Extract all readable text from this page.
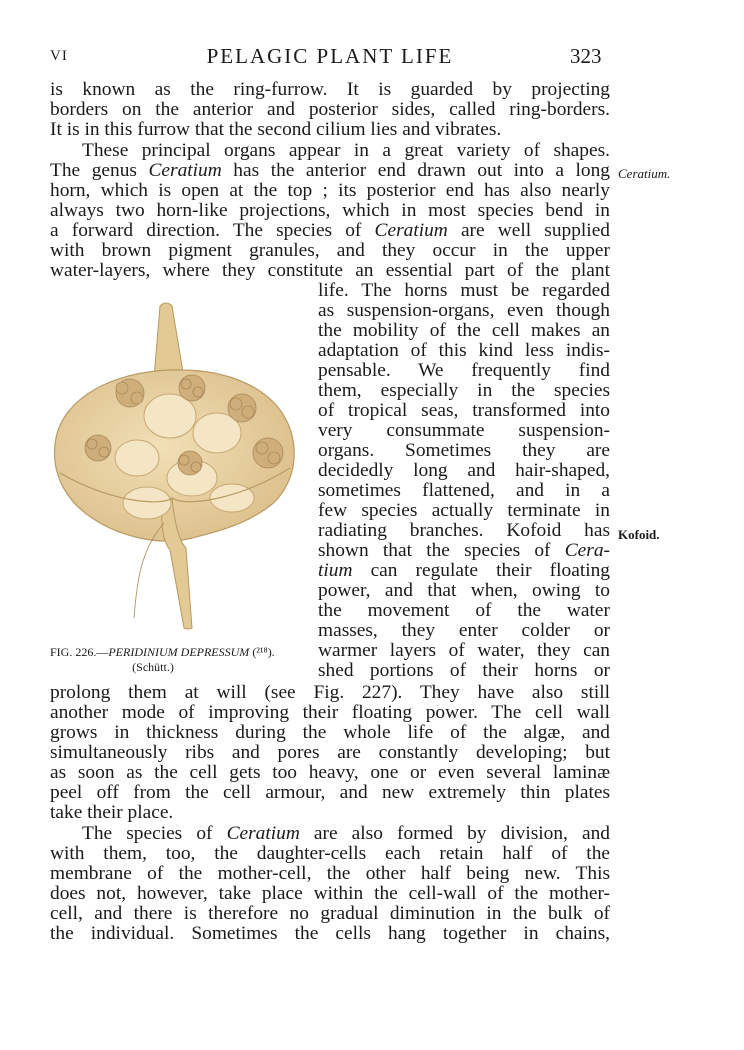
VI	PELAGIC PLANT LIFE	323
is known as the ring-furrow. It is guarded by projecting
borders on the anterior and posterior sides, called ring-borders.
It is in this furrow that the second cilium lies and vibrates.
These principal organs appear in a great variety of shapes.
The genus Ceratium has the anterior end drawn out into a long
horn, which is open at the top ; its posterior end has also nearly
always two horn-like projections, which in most species bend in
a forward direction. The species of Ceratium are well supplied
with brown pigment granules, and they occur in the upper
water-layers, where they constitute an essential part of the plant
life. The horns must be regarded
as suspension-organs, even though
the mobility of the cell makes an
adaptation of this kind less indis-
pensable. We frequently find
them, especially in the species
of tropical seas, transformed into
very consummate suspension-
organs. Sometimes they are
decidedly long and hair-shaped,
sometimes flattened, and in a
few species actually terminate in
radiating branches. Kofoid has
shown that the species of Cera-
tium can regulate their floating
power, and that when, owing to
the movement of the water
masses, they enter colder or
warmer layers of water, they can
shed portions of their horns or
prolong them at will (see Fig. 227). They have also still
another mode of improving their floating power. The cell wall
grows in thickness during the whole life of the algæ, and
simultaneously ribs and pores are constantly developing; but
as soon as the cell gets too heavy, one or even several laminæ
peel off from the cell armour, and new extremely thin plates
take their place.
The species of Ceratium are also formed by division, and
with them, too, the daughter-cells each retain half of the
membrane of the mother-cell, the other half being new. This
does not, however, take place within the cell-wall of the mother-
cell, and there is therefore no gradual diminution in the bulk of
the individual. Sometimes the cells hang together in chains,
Ceratium.
Kofoid.
FIG. 226.—PERIDINIUM DEPRESSUM (²¹⁸).
(Schütt.)
